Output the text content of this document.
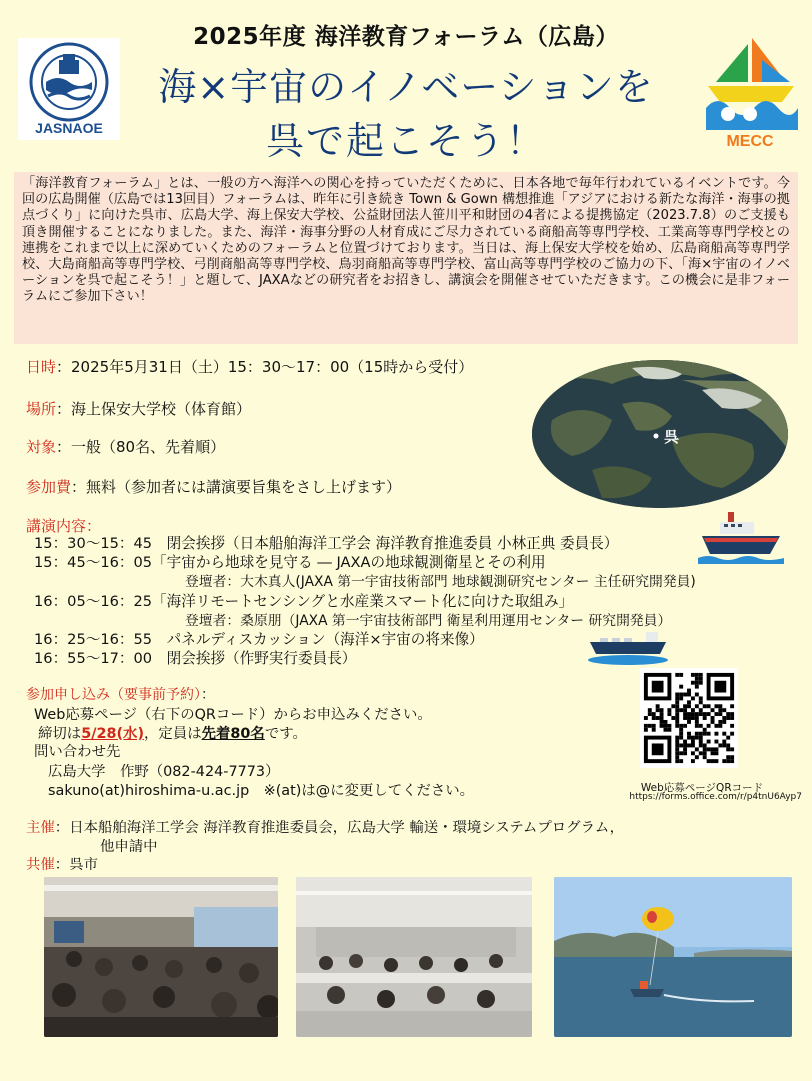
2025年度 海洋教育フォーラム（広島）
海×宇宙のイノベーションを
呉で起こそう！
JASNAOE
MECC
「海洋教育フォーラム」とは、一般の方へ海洋への関心を持っていただくために、日本各地で毎年行われているイベントです。今回の広島開催（広島では13回目）フォーラムは、昨年に引き続き Town & Gown 構想推進「アジアにおける新たな海洋・海事の拠点づくり」に向けた呉市、広島大学、海上保安大学校、公益財団法人笹川平和財団の4者による提携協定（2023.7.8）のご支援も頂き開催することになりました。また、海洋・海事分野の人材育成にご尽力されている商船高等専門学校、工業高等専門学校との連携をこれまで以上に深めていくためのフォーラムと位置づけております。当日は、海上保安大学校を始め、広島商船高等専門学校、大島商船高等専門学校、弓削商船高等専門学校、鳥羽商船高等専門学校、富山高等専門学校のご協力の下、「海×宇宙のイノベーションを呉で起こそう！」と題して、JAXAなどの研究者をお招きし、講演会を開催させていただきます。この機会に是非フォーラムにご参加下さい！
日時：2025年5月31日（土）15：30～17：00（15時から受付）
場所：海上保安大学校（体育館）
対象：一般（80名、先着順）
参加費：無料（参加者には講演要旨集をさし上げます）
呉
講演内容：
15：30～15：45　閉会挨拶（日本船舶海洋工学会 海洋教育推進委員 小林正典 委員長）
15：45～16：05「宇宙から地球を見守る ― JAXAの地球観測衛星とその利用
登壇者：大木真人(JAXA 第一宇宙技術部門 地球観測研究センター 主任研究開発員)
16：05～16：25「海洋リモートセンシングと水産業スマート化に向けた取組み」
登壇者：桑原朋（JAXA 第一宇宙技術部門 衛星利用運用センター 研究開発員）
16：25～16：55　パネルディスカッション（海洋×宇宙の将来像）
16：55～17：00　閉会挨拶（作野実行委員長）
参加申し込み（要事前予約）：
Web応募ページ（右下のQRコード）からお申込みください。
締切は5/28(水)，定員は先着80名です。
問い合わせ先
広島大学　作野（082-424-7773）
sakuno(at)hiroshima-u.ac.jp　※(at)は@に変更してください。	Web応募ページQRコード
https://forms.office.com/r/p4tnU6Ayp7
主催：日本船舶海洋工学会 海洋教育推進委員会，広島大学 輸送・環境システムプログラム，
他申請中
共催：呉市
